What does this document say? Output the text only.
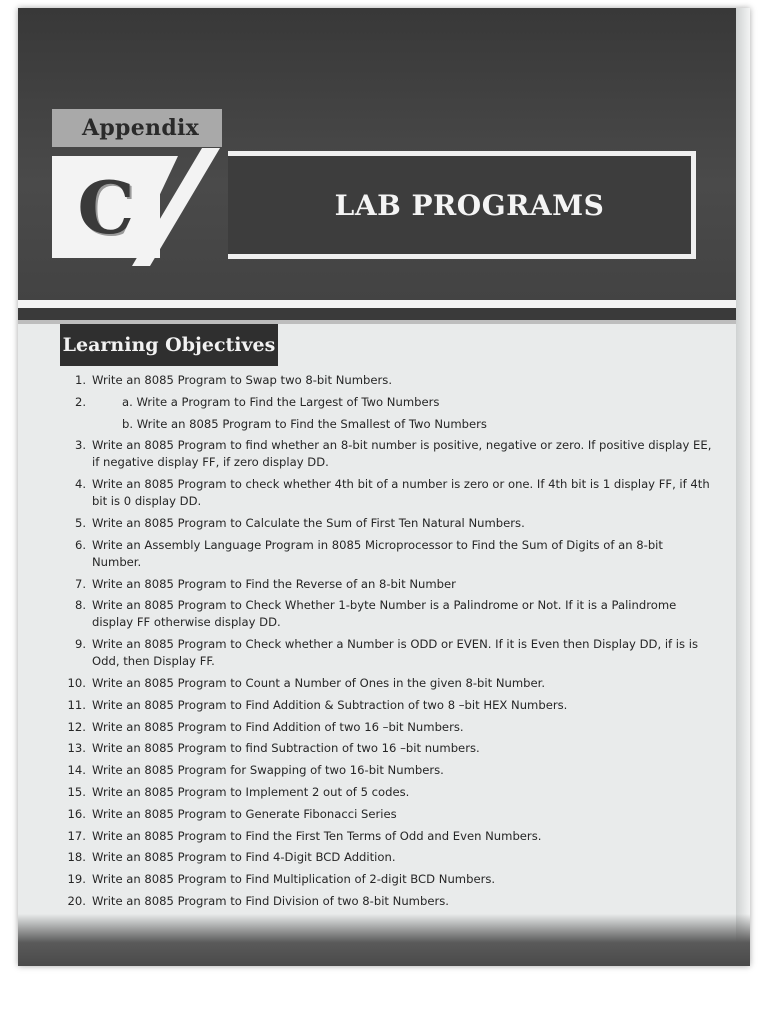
Appendix
C	LAB PROGRAMS
Learning Objectives
1. Write an 8085 Program to Swap two 8-bit Numbers.
2.	a. Write a Program to Find the Largest of Two Numbers
b. Write an 8085 Program to Find the Smallest of Two Numbers
3. Write an 8085 Program to find whether an 8-bit number is positive, negative or zero. If positive display EE, if negative display FF, if zero display DD.
4. Write an 8085 Program to check whether 4th bit of a number is zero or one. If 4th bit is 1 display FF, if 4th bit is 0 display DD.
5. Write an 8085 Program to Calculate the Sum of First Ten Natural Numbers.
6. Write an Assembly Language Program in 8085 Microprocessor to Find the Sum of Digits of an 8-bit Number.
7. Write an 8085 Program to Find the Reverse of an 8-bit Number
8. Write an 8085 Program to Check Whether 1-byte Number is a Palindrome or Not. If it is a Palindrome display FF otherwise display DD.
9. Write an 8085 Program to Check whether a Number is ODD or EVEN. If it is Even then Display DD, if is is Odd, then Display FF.
10. Write an 8085 Program to Count a Number of Ones in the given 8-bit Number.
11. Write an 8085 Program to Find Addition & Subtraction of two 8 –bit HEX Numbers.
12. Write an 8085 Program to Find Addition of two 16 –bit Numbers.
13. Write an 8085 Program to find Subtraction of two 16 –bit numbers.
14. Write an 8085 Program for Swapping of two 16-bit Numbers.
15. Write an 8085 Program to Implement 2 out of 5 codes.
16. Write an 8085 Program to Generate Fibonacci Series
17. Write an 8085 Program to Find the First Ten Terms of Odd and Even Numbers.
18. Write an 8085 Program to Find 4-Digit BCD Addition.
19. Write an 8085 Program to Find Multiplication of 2-digit BCD Numbers.
20. Write an 8085 Program to Find Division of two 8-bit Numbers.
